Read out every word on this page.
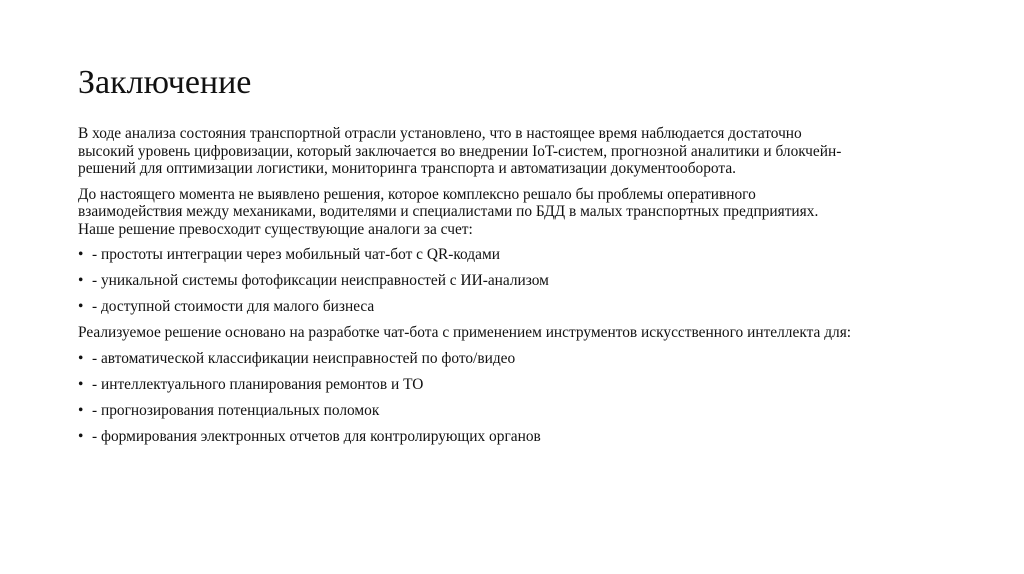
Заключение

В ходе анализа состояния транспортной отрасли установлено, что в настоящее время наблюдается достаточно
высокий уровень цифровизации, который заключается во внедрении IoT-систем, прогнозной аналитики и блокчейн-
решений для оптимизации логистики, мониторинга транспорта и автоматизации документооборота.

До настоящего момента не выявлено решения, которое комплексно решало бы проблемы оперативного
взаимодействия между механиками, водителями и специалистами по БДД в малых транспортных предприятиях.
Наше решение превосходит существующие аналоги за счет:

• - простоты интеграции через мобильный чат-бот с QR-кодами
• - уникальной системы фотофиксации неисправностей с ИИ-анализом
• - доступной стоимости для малого бизнеса

Реализуемое решение основано на разработке чат-бота с применением инструментов искусственного интеллекта для:

• - автоматической классификации неисправностей по фото/видео
• - интеллектуального планирования ремонтов и ТО
• - прогнозирования потенциальных поломок
• - формирования электронных отчетов для контролирующих органов
